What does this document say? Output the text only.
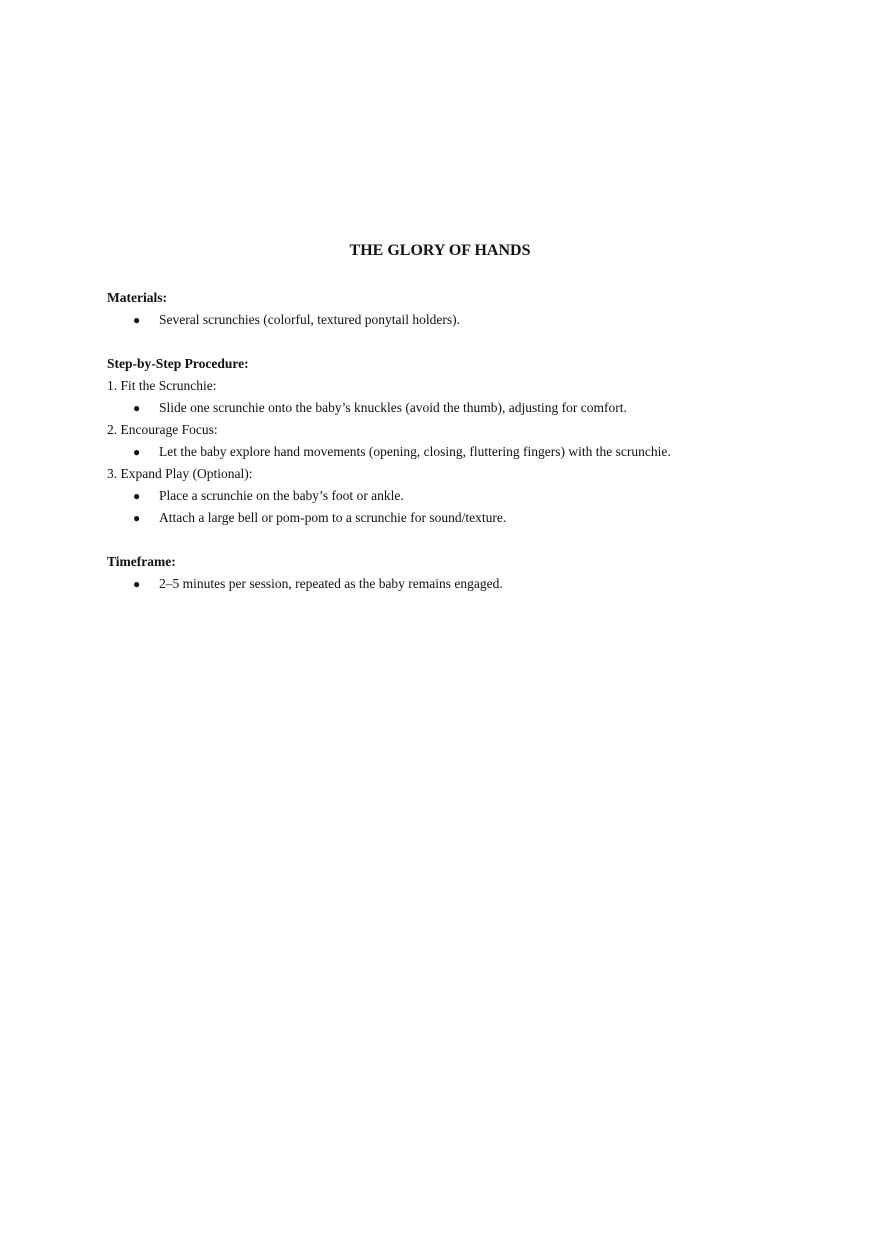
THE GLORY OF HANDS
Materials:
● Several scrunchies (colorful, textured ponytail holders).
Step-by-Step Procedure:
1. Fit the Scrunchie:
● Slide one scrunchie onto the baby’s knuckles (avoid the thumb), adjusting for comfort.
2. Encourage Focus:
● Let the baby explore hand movements (opening, closing, fluttering fingers) with the scrunchie.
3. Expand Play (Optional):
● Place a scrunchie on the baby’s foot or ankle.
● Attach a large bell or pom-pom to a scrunchie for sound/texture.
Timeframe:
● 2–5 minutes per session, repeated as the baby remains engaged.
